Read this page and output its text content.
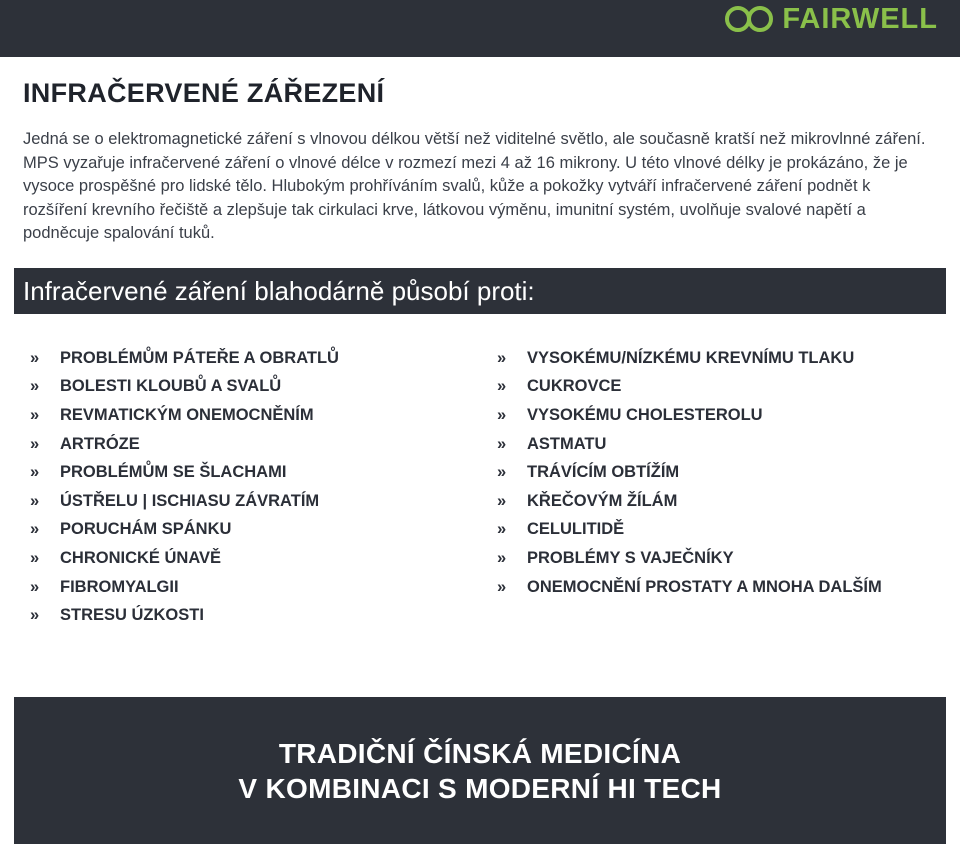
FAIRWELL
INFRAČERVENÉ ZÁŘEZENÍ

Jedná se o elektromagnetické záření s vlnovou délkou větší než viditelné světlo, ale současně kratší než mikrovlnné záření. MPS vyzařuje infračervené záření o vlnové délce v rozmezí mezi 4 až 16 mikrony. U této vlnové délky je prokázáno, že je vysoce prospěšné pro lidské tělo. Hlubokým prohříváním svalů, kůže a pokožky vytváří infračervené záření podnět k rozšíření krevního řečiště a zlepšuje tak cirkulaci krve, látkovou výměnu, imunitní systém, uvolňuje svalové napětí a podněcuje spalování tuků.

Infračervené záření blahodárně působí proti:
»	PROBLÉMŮM PÁTEŘE A OBRATLŮ
»	BOLESTI KLOUBŮ A SVALŮ
»	REVMATICKÝM ONEMOCNĚNÍM
»	ARTRÓZE
»	PROBLÉMŮM SE ŠLACHAMI
»	ÚSTŘELU | ISCHIASU ZÁVRATÍM
»	PORUCHÁM SPÁNKU
»	CHRONICKÉ ÚNAVĚ
»	FIBROMYALGII
»	STRESU ÚZKOSTI
»	VYSOKÉMU/NÍZKÉMU KREVNÍMU TLAKU
»	CUKROVCE
»	VYSOKÉMU CHOLESTEROLU
»	ASTMATU
»	TRÁVÍCÍM OBTÍŽÍM
»	KŘEČOVÝM ŽÍLÁM
»	CELULITIDĚ
»	PROBLÉMY S VAJEČNÍKY
»	ONEMOCNĚNÍ PROSTATY A MNOHA DALŠÍM
TRADIČNÍ ČÍNSKÁ MEDICÍNA
V KOMBINACI S MODERNÍ HI TECH
